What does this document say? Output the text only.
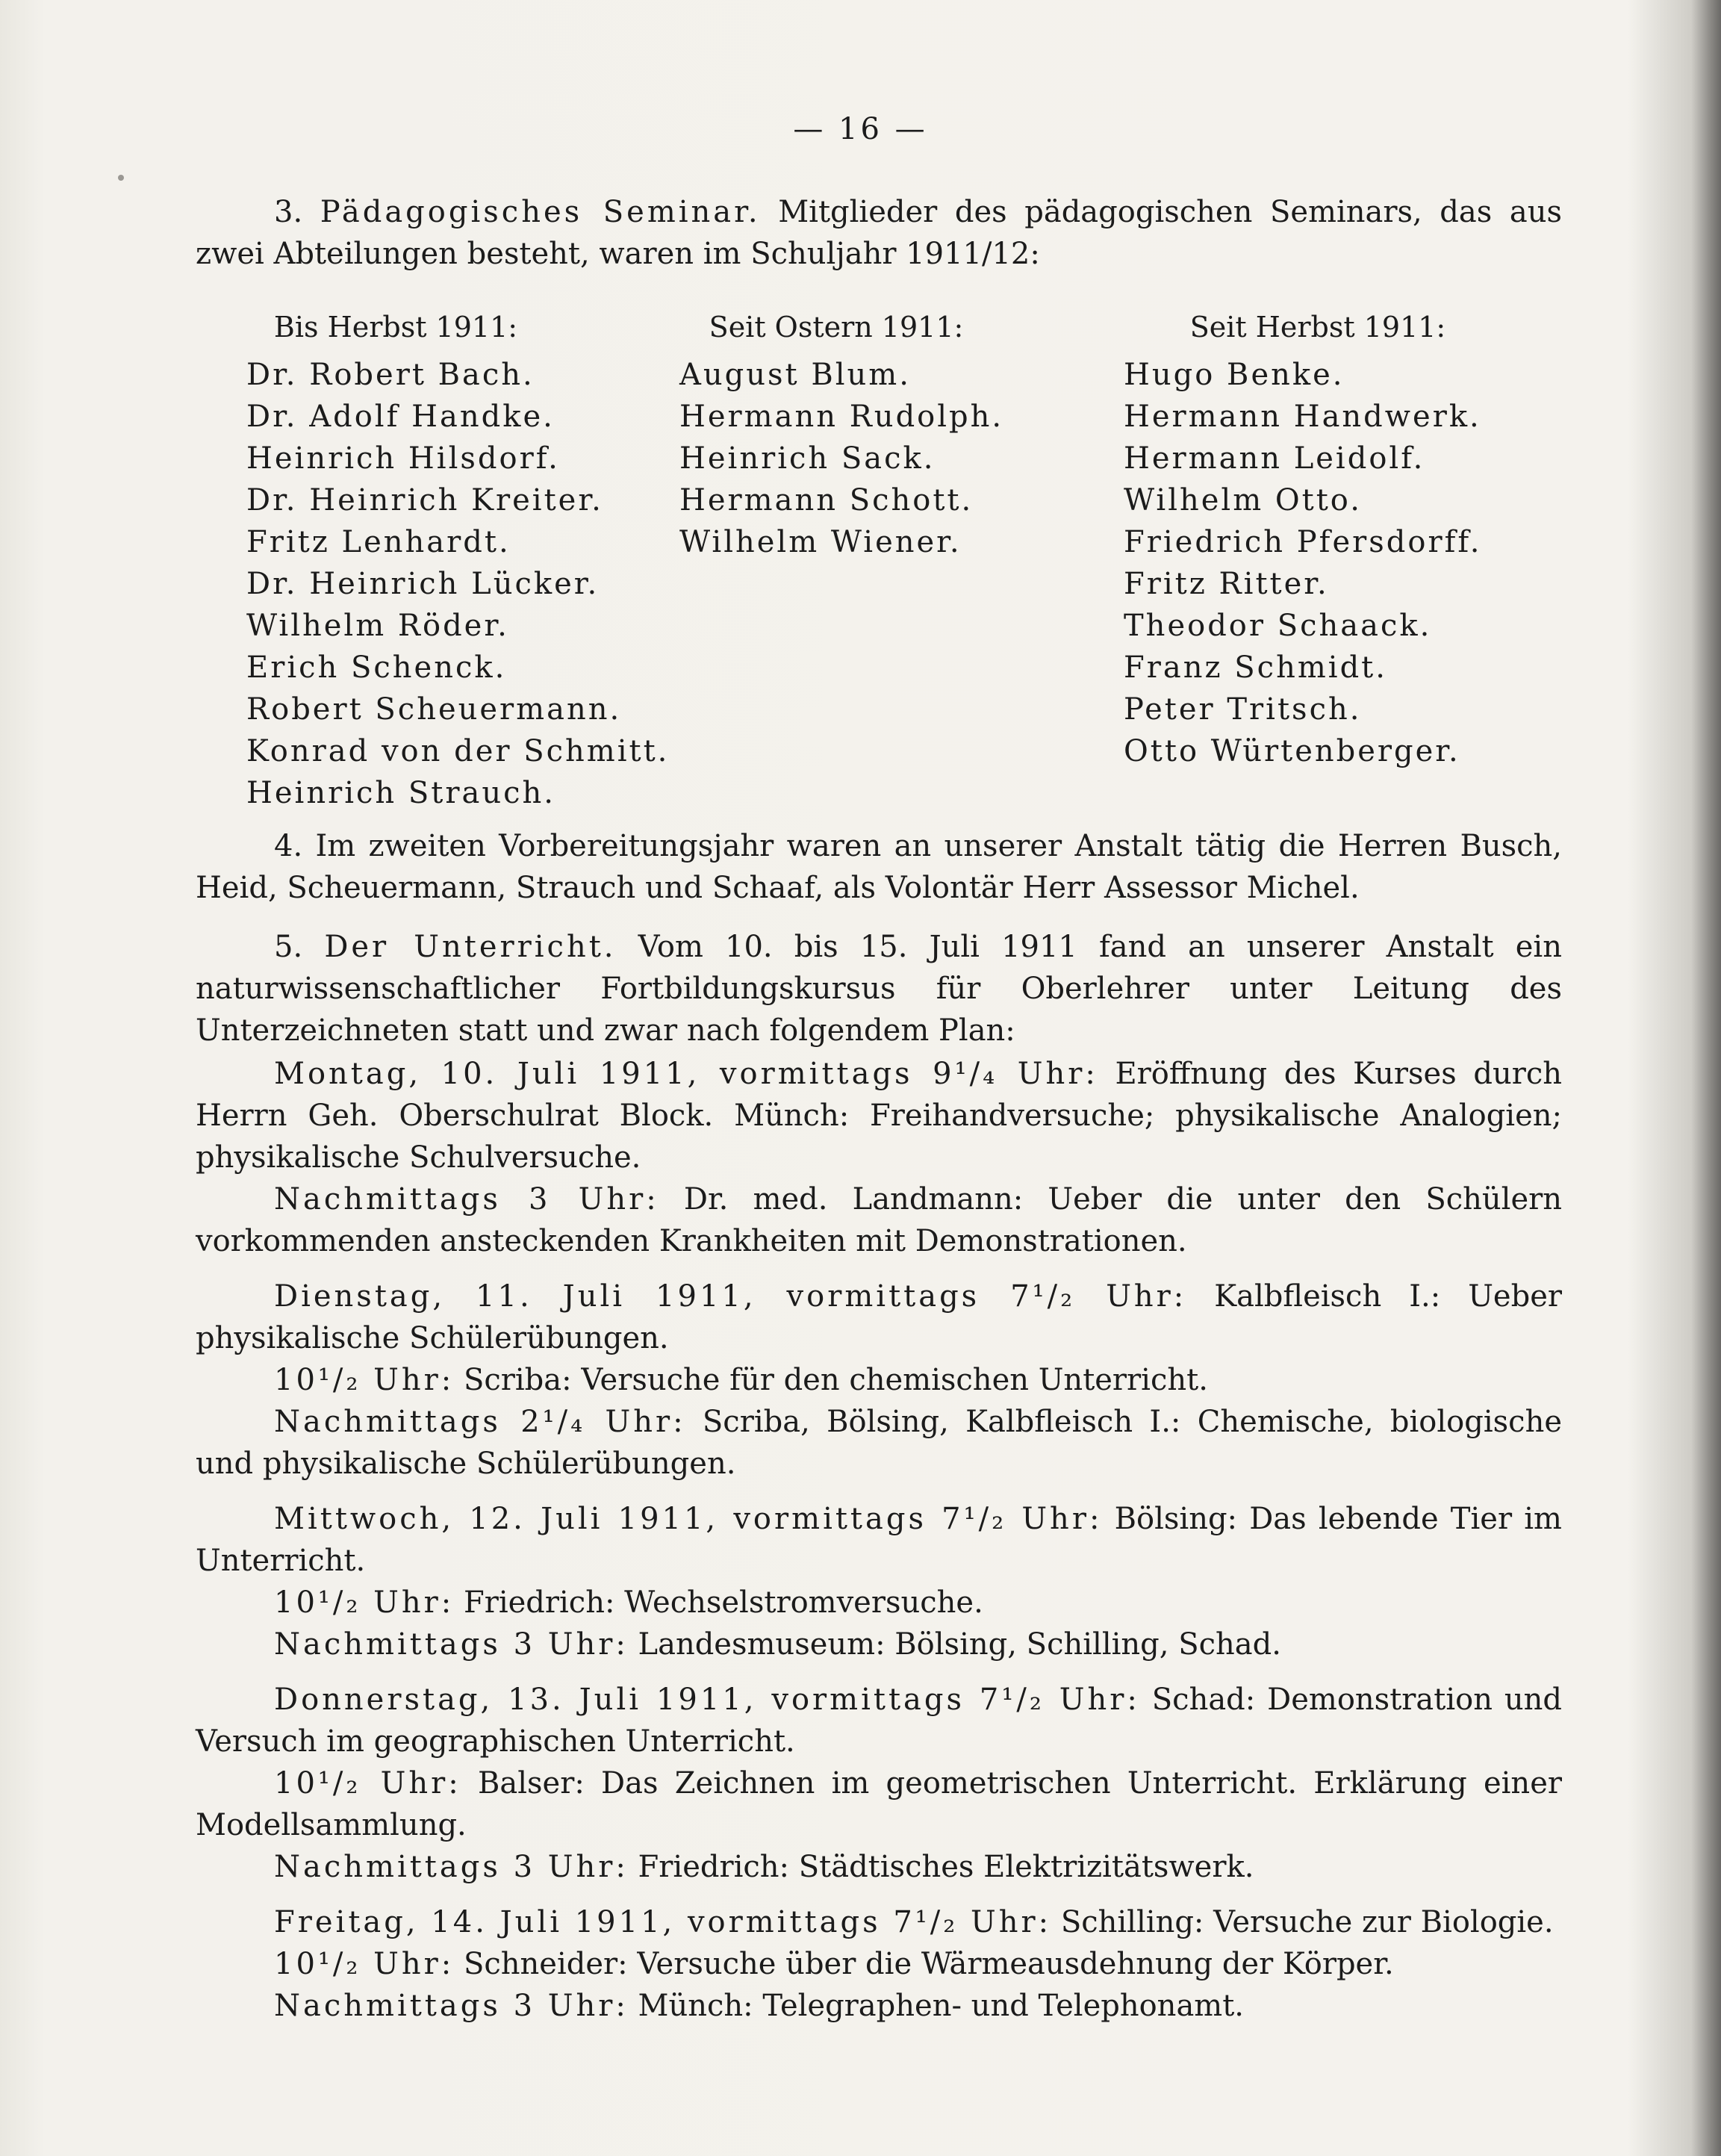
— 16 —

3. Pädagogisches Seminar. Mitglieder des pädagogischen Seminars, das aus zwei Abteilungen besteht, waren im Schuljahr 1911/12:

Bis Herbst 1911:
Dr. Robert Bach.
Dr. Adolf Handke.
Heinrich Hilsdorf.
Dr. Heinrich Kreiter.
Fritz Lenhardt.
Dr. Heinrich Lücker.
Wilhelm Röder.
Erich Schenck.
Robert Scheuermann.
Konrad von der Schmitt.
Heinrich Strauch.
Seit Ostern 1911:
August Blum.
Hermann Rudolph.
Heinrich Sack.
Hermann Schott.
Wilhelm Wiener.
Seit Herbst 1911:
Hugo Benke.
Hermann Handwerk.
Hermann Leidolf.
Wilhelm Otto.
Friedrich Pfersdorff.
Fritz Ritter.
Theodor Schaack.
Franz Schmidt.
Peter Tritsch.
Otto Würtenberger.

4. Im zweiten Vorbereitungsjahr waren an unserer Anstalt tätig die Herren Busch, Heid, Scheuermann, Strauch und Schaaf, als Volontär Herr Assessor Michel.

5. Der Unterricht. Vom 10. bis 15. Juli 1911 fand an unserer Anstalt ein naturwissenschaftlicher Fortbildungskursus für Oberlehrer unter Leitung des Unterzeichneten statt und zwar nach folgendem Plan:

Montag, 10. Juli 1911, vormittags 9¹/₄ Uhr: Eröffnung des Kurses durch Herrn Geh. Oberschulrat Block. Münch: Freihandversuche; physikalische Analogien; physikalische Schulversuche.

Nachmittags 3 Uhr: Dr. med. Landmann: Ueber die unter den Schülern vorkommenden ansteckenden Krankheiten mit Demonstrationen.

Dienstag, 11. Juli 1911, vormittags 7¹/₂ Uhr: Kalbfleisch I.: Ueber physikalische Schülerübungen.

10¹/₂ Uhr: Scriba: Versuche für den chemischen Unterricht.

Nachmittags 2¹/₄ Uhr: Scriba, Bölsing, Kalbfleisch I.: Chemische, biologische und physikalische Schülerübungen.

Mittwoch, 12. Juli 1911, vormittags 7¹/₂ Uhr: Bölsing: Das lebende Tier im Unterricht.

10¹/₂ Uhr: Friedrich: Wechselstromversuche.

Nachmittags 3 Uhr: Landesmuseum: Bölsing, Schilling, Schad.

Donnerstag, 13. Juli 1911, vormittags 7¹/₂ Uhr: Schad: Demonstration und Versuch im geographischen Unterricht.

10¹/₂ Uhr: Balser: Das Zeichnen im geometrischen Unterricht. Erklärung einer Modellsammlung.

Nachmittags 3 Uhr: Friedrich: Städtisches Elektrizitätswerk.

Freitag, 14. Juli 1911, vormittags 7¹/₂ Uhr: Schilling: Versuche zur Biologie.

10¹/₂ Uhr: Schneider: Versuche über die Wärmeausdehnung der Körper.

Nachmittags 3 Uhr: Münch: Telegraphen- und Telephonamt.
